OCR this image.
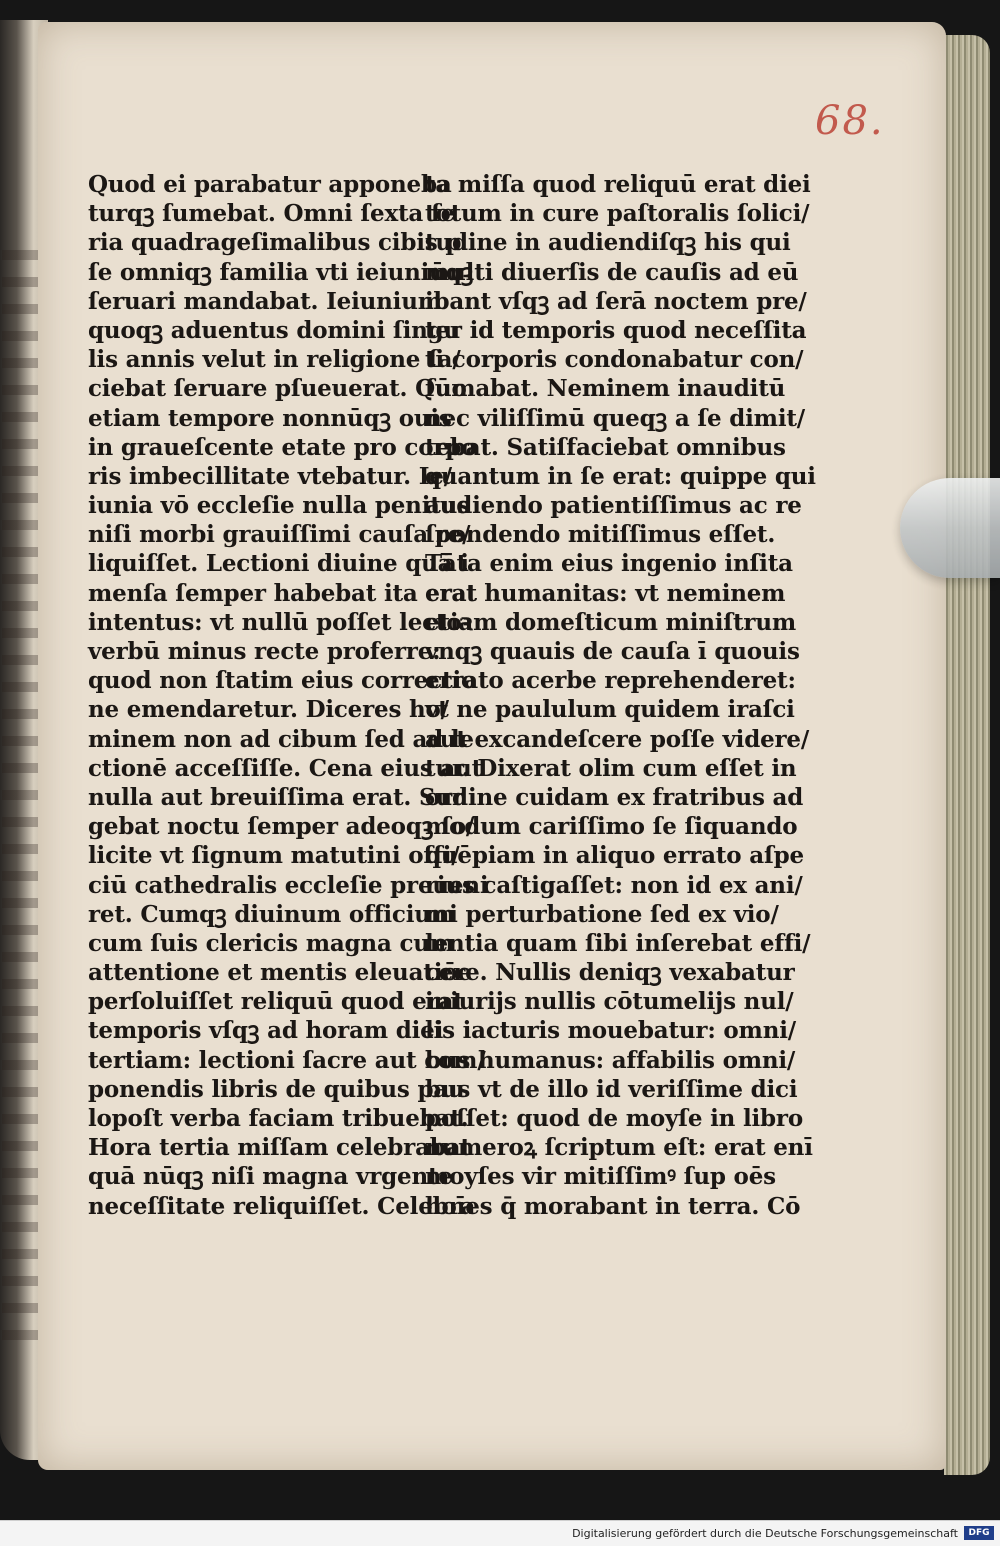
68.
Quod ei parabatur apponeba
turqꝫ ſumebat. Omni ſexta fe
ria quadrageſimalibus cibis p
ſe omniqꝫ familia vti ieiuniūqꝫ
ſeruari mandabat. Ieiunium
quoqꝫ aduentus domini ſingu
lis annis velut in religione ſa/
ciebat ſeruare pſueuerat. Quo
etiam tempore nonnūqꝫ ouis
in graueſcente etate pro corpo
ris imbecillitate vtebatur. Ie/
iunia vō eccleſie nulla penitus
niſi morbi grauiſſimi cauſa re/
liquiſſet. Lectioni diuine quā i
menſa ſemper habebat ita erat
intentus: vt nullū poſſet lectoꝛ
verbū minus recte proferre:
quod non ſtatim eius correctio
ne emendaretur. Diceres ho/
minem non ad cibum ſed ad le
ctionē acceſſiſſe. Cena eius aut
nulla aut breuiſſima erat. Sur
gebat noctu ſemper adeoqꝫ ſo/
licite vt ſignum matutini offi/
ciū cathedralis eccleſie preueni
ret. Cumqꝫ diuinum officium
cum ſuis clericis magna cum
attentione et mentis eleuatiōe
perſoluiſſet reliquū quod erat
temporis vſqꝫ ad horam diei
tertiam: lectioni ſacre aut com/
ponendis libris de quibus pau
lopoſt verba faciam tribuebat.
Hora tertia miſſam celebrabat
quā nūqꝫ niſi magna vrgente
neceſſitate reliquiſſet. Celebra
ta miſſa quod reliquū erat diei
totum in cure paſtoralis ſolici/
tudine in audiendiſqꝫ his qui
multi diuerſis de cauſis ad eū
ibant vſqꝫ ad ſerā noctem pre/
ter id temporis quod neceſſita
ti corporis condonabatur con/
ſūmabat. Neminem inauditū
nec viliſſimū queqꝫ a ſe dimit/
tebat. Satiſfaciebat omnibus
quantum in ſe erat: quippe qui
audiendo patientiſſimus ac re
ſpondendo mitiſſimus eſſet.
Tāta enim eius ingenio inſita
erat humanitas: vt neminem
etiam domeſticum miniſtrum
vnqꝫ quauis de cauſa ī quouis
errato acerbe reprehenderet:
vt ne paululum quidem iraſci
aut excandeſcere poſſe videre/
tur. Dixerat olim cum eſſet in
ordine cuidam ex fratribus ad
modum cariſſimo ſe ſiquando
quēpiam in aliquo errato aſpe
rius caſtigaſſet: non id ex ani/
mi perturbatione ſed ex vio/
lentia quam ſibi inſerebat effi/
cere. Nullis deniqꝫ vexabatur
iniurijs nullis cōtumelijs nul/
lis iacturis mouebatur: omni/
bus humanus: affabilis omni/
bus vt de illo id veriſſime dici
poſſet: quod de moyſe in libro
numeroꝝ ſcriptum eſt: erat enī
moyſes vir mitiſſimꝰ ſup oēs
hoīes q̄ morabant in terra. Cō
Digitalisierung gefördert durch die Deutsche Forschungsgemeinschaft	DFG
